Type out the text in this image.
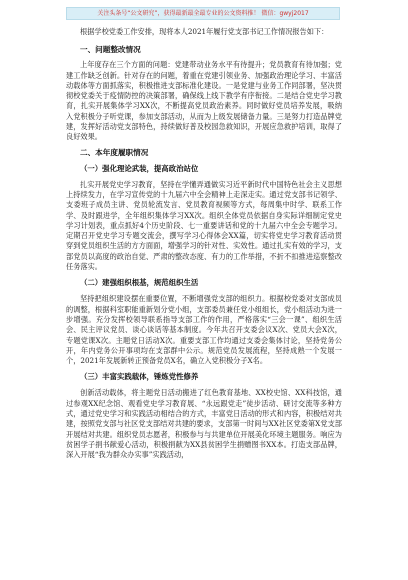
关注头条号“公文研究”，获得最新最全最专业的公文资料推！ 微信：gwyj2017

根据学校党委工作安排，现将本人2021年履行党支部书记工作情况报告如下：

一、问题整改情况

上年度存在三个方面的问题：党建带动业务水平有待提升；党员教育有待加强；党建工作缺乏创新。针对存在的问题，着重在党建引领业务、加强政治理论学习、丰富活动载体等方面抓落实，积极推进支部标准化建设。一是党建与业务工作同部署，坚决贯彻校党委关于疫情防控的决策部署，确保线上线下教学有序衔接。二是结合党史学习教育，扎实开展集体学习XX次，不断提高党员政治素养。同时做好党员培养发展，吸纳入党积极分子听党课，参加支部活动，从而为上级发展储备力量。三是努力打造品牌党建，发挥好活动党支部特色，持续做好普及校园急救知识，开展应急救护培训，取得了良好效果。

二、本年度履职情况
（一）强化理论武装，提高政治站位

扎实开展党史学习教育，坚持在学懂弄通做实习近平新时代中国特色社会主义思想上持续发力，在学习宣传党的十九届六中全会精神上走深走实。通过党支部书记领学、支委班子成员主讲、党员轮流发言、党员教育视频等方式，每周集中时学、联系工作学、及时跟进学，全年组织集体学习XX次。组织全体党员依据自身实际详细制定党史学习计划表，重点抓好4个历史阶段、七一重要讲话和党的十九届六中全会专题学习。定期召开党史学习专题交流会，撰写学习心得体会XX篇，切实将党史学习教育活动贯穿到党员组织生活的方方面面，增强学习的针对性、实效性。通过扎实有效的学习，支部党员以高度的政治自觉、严肃的整改态度、有力的工作举措，不折不扣推进巡察整改任务落实。

（二）建强组织根基，规范组织生活

坚持把组织建设摆在重要位置，不断增强党支部的组织力。根据校党委对支部成员的调整，根据科室职能重新划分党小组，支部委员兼任党小组组长，党小组活动为进一步增强。充分发挥校领导联系指导支部工作的作用，严格落实“三会一课”、组织生活会、民主评议党员、谈心谈话等基本制度。今年共召开支委会议X次、党员大会X次，专题党课X次。主题党日活动X次。重要支部工作均通过支委会集体讨论，坚持党务公开，年内党务公开事项均在支部群中公示。规范党员发展流程，坚持成熟一个发展一个，2021年发展新转正预备党员X名，确立入党积极分子X名。

（三）丰富实践载体，锤炼党性修养

创新活动载体，将主题党日活动搬进了红色教育基地、XX校史馆、XX科技馆，通过参观XX纪念馆、观看党史学习教育展、“永远跟党走”徒步活动、研讨交流等多种方式，通过党史学习和实践活动相结合的方式，丰富党日活动的形式和内容，积极结对共建，按照党支部与社区党支部结对共建的要求，支部第一时间与XX社区党委第X党支部开展结对共建。组织党员志愿者，积极参与与共建单位开展美化环境主题服务。响应为贫困学子捐书献爱心活动，积极捐献为XX县贫困学生捐赠图书XX本。打造支部品牌，深入开展“我为群众办实事”实践活动，
